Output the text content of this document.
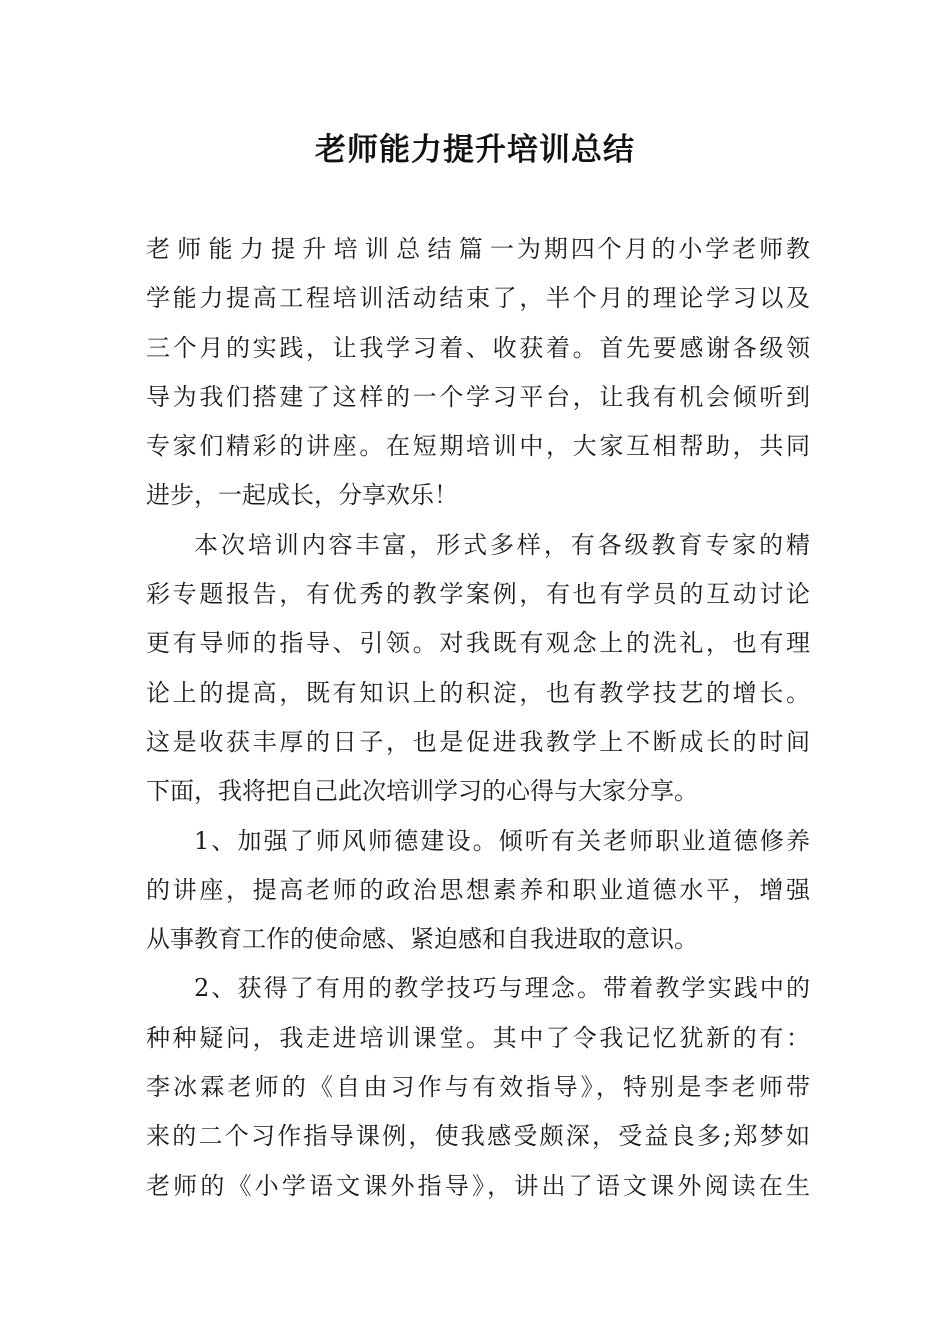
老师能力提升培训总结
老师能力提升培训总结篇一为期四个月的小学老师教
学能力提高工程培训活动结束了，半个月的理论学习以及
三个月的实践，让我学习着、收获着。首先要感谢各级领
导为我们搭建了这样的一个学习平台，让我有机会倾听到
专家们精彩的讲座。在短期培训中，大家互相帮助，共同
进步，一起成长，分享欢乐！
本次培训内容丰富，形式多样，有各级教育专家的精
彩专题报告，有优秀的教学案例，有也有学员的互动讨论
更有导师的指导、引领。对我既有观念上的洗礼，也有理
论上的提高，既有知识上的积淀，也有教学技艺的增长。
这是收获丰厚的日子，也是促进我教学上不断成长的时间
下面，我将把自己此次培训学习的心得与大家分享。
1、加强了师风师德建设。倾听有关老师职业道德修养
的讲座，提高老师的政治思想素养和职业道德水平，增强
从事教育工作的使命感、紧迫感和自我进取的意识。
2、获得了有用的教学技巧与理念。带着教学实践中的
种种疑问，我走进培训课堂。其中了令我记忆犹新的有：
李冰霖老师的《自由习作与有效指导》，特别是李老师带
来的二个习作指导课例，使我感受颇深，受益良多;郑梦如
老师的《小学语文课外指导》，讲出了语文课外阅读在生
